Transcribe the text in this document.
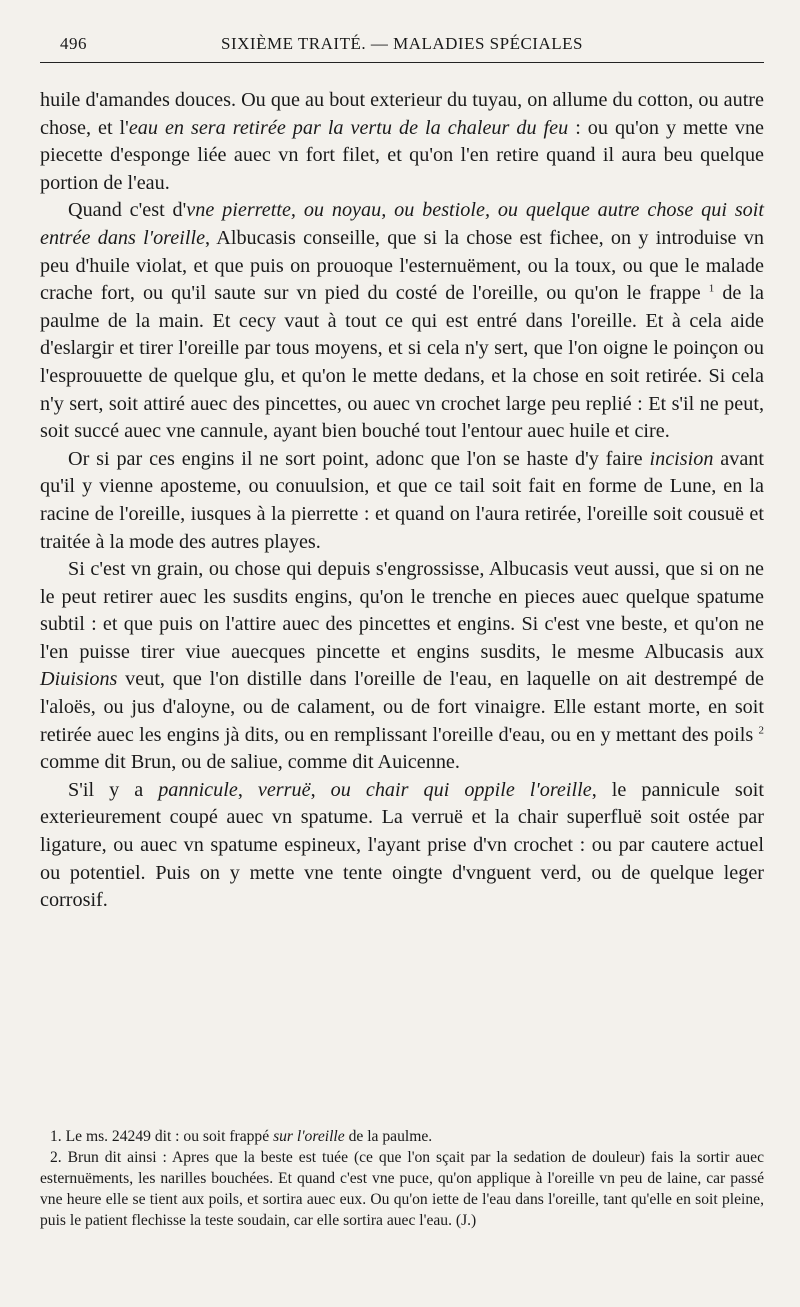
496	SIXIÈME TRAITÉ. — MALADIES SPÉCIALES

huile d'amandes douces. Ou que au bout exterieur du tuyau, on allume du cotton, ou autre chose, et l'eau en sera retirée par la vertu de la chaleur du feu : ou qu'on y mette vne piecette d'esponge liée auec vn fort filet, et qu'on l'en retire quand il aura beu quelque portion de l'eau.

Quand c'est d'vne pierrette, ou noyau, ou bestiole, ou quelque autre chose qui soit entrée dans l'oreille, Albucasis conseille, que si la chose est fichee, on y introduise vn peu d'huile violat, et que puis on prouoque l'esternuëment, ou la toux, ou que le malade crache fort, ou qu'il saute sur vn pied du costé de l'oreille, ou qu'on le frappe $^1$ de la paulme de la main. Et cecy vaut à tout ce qui est entré dans l'oreille. Et à cela aide d'eslargir et tirer l'oreille par tous moyens, et si cela n'y sert, que l'on oigne le poinçon ou l'esprouuette de quelque glu, et qu'on le mette dedans, et la chose en soit retirée. Si cela n'y sert, soit attiré auec des pincettes, ou auec vn crochet large peu replié : Et s'il ne peut, soit succé auec vne cannule, ayant bien bouché tout l'entour auec huile et cire.

Or si par ces engins il ne sort point, adonc que l'on se haste d'y faire incision avant qu'il y vienne aposteme, ou conuulsion, et que ce tail soit fait en forme de Lune, en la racine de l'oreille, iusques à la pierrette : et quand on l'aura retirée, l'oreille soit cousuë et traitée à la mode des autres playes.

Si c'est vn grain, ou chose qui depuis s'engrossisse, Albucasis veut aussi, que si on ne le peut retirer auec les susdits engins, qu'on le trenche en pieces auec quelque spatume subtil : et que puis on l'attire auec des pincettes et engins. Si c'est vne beste, et qu'on ne l'en puisse tirer viue auecques pincette et engins susdits, le mesme Albucasis aux Diuisions veut, que l'on distille dans l'oreille de l'eau, en laquelle on ait destrempé de l'aloës, ou jus d'aloyne, ou de calament, ou de fort vinaigre. Elle estant morte, en soit retirée auec les engins jà dits, ou en remplissant l'oreille d'eau, ou en y mettant des poils $^2$ comme dit Brun, ou de saliue, comme dit Auicenne.

S'il y a pannicule, verruë, ou chair qui oppile l'oreille, le pannicule soit exterieurement coupé auec vn spatume. La verruë et la chair superfluë soit ostée par ligature, ou auec vn spatume espineux, l'ayant prise d'vn crochet : ou par cautere actuel ou potentiel. Puis on y mette vne tente oingte d'vnguent verd, ou de quelque leger corrosif.

1. Le ms. 24249 dit : ou soit frappé sur l'oreille de la paulme.

2. Brun dit ainsi : Apres que la beste est tuée (ce que l'on sçait par la sedation de douleur) fais la sortir auec esternuëments, les narilles bouchées. Et quand c'est vne puce, qu'on applique à l'oreille vn peu de laine, car passé vne heure elle se tient aux poils, et sortira auec eux. Ou qu'on iette de l'eau dans l'oreille, tant qu'elle en soit pleine, puis le patient flechisse la teste soudain, car elle sortira auec l'eau. (J.)
